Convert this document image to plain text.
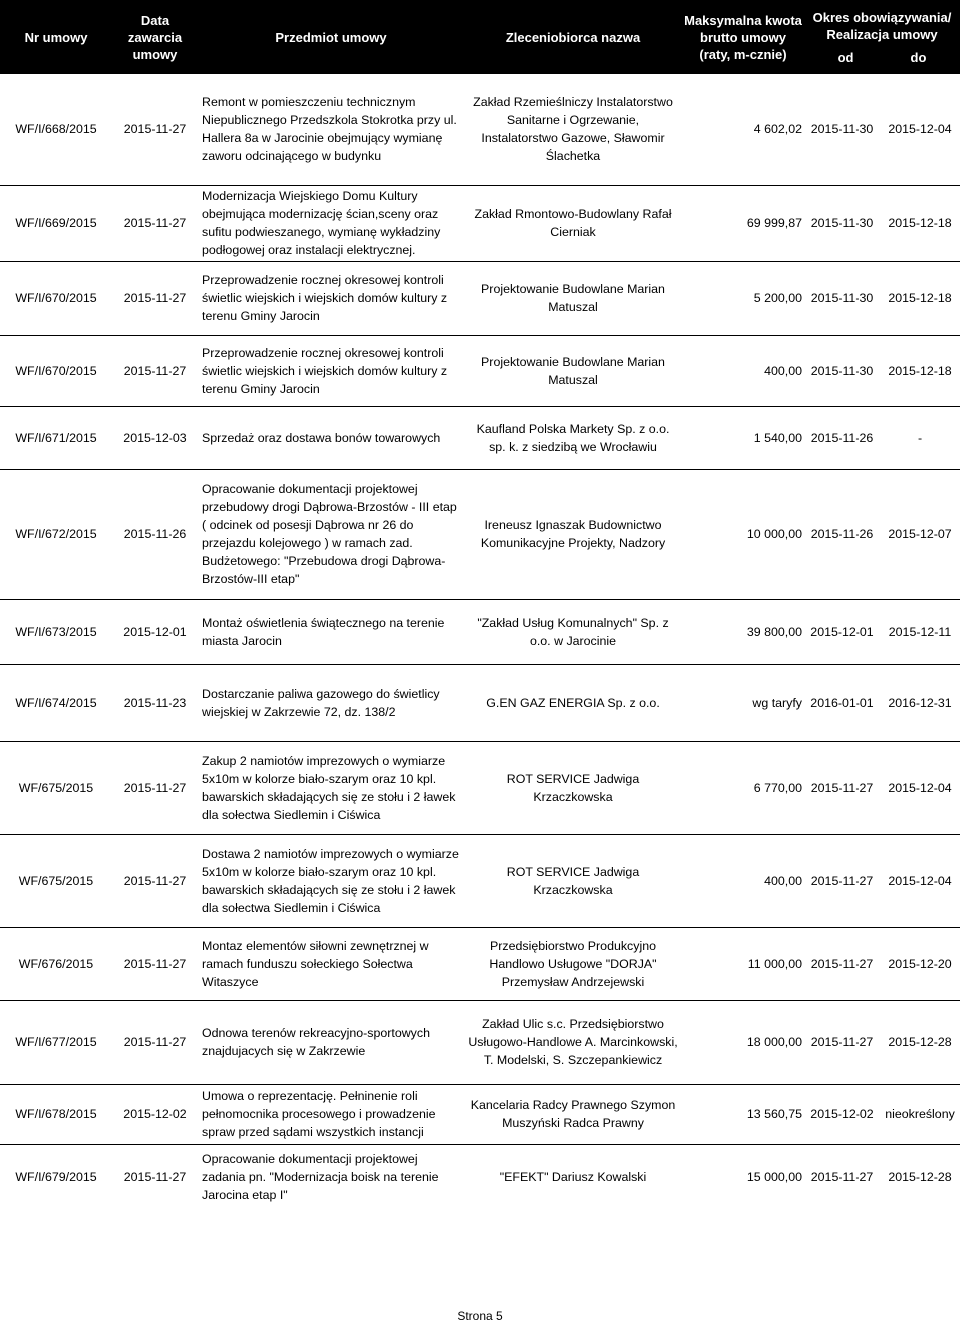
Nr umowy	Data zawarcia umowy	Przedmiot umowy	Zleceniobiorca nazwa	Maksymalna kwota brutto umowy (raty, m-cznie)	Okres obowiązywania/ Realizacja umowy
od do	

WF/I/668/2015	2015-11-27	Remont w pomieszczeniu technicznym Niepublicznego Przedszkola Stokrotka przy ul. Hallera 8a w Jarocinie obejmujący wymianę zaworu odcinającego w budynku	Zakład Rzemieślniczy Instalatorstwo Sanitarne i Ogrzewanie, Instalatorstwo Gazowe, Sławomir Ślachetka	4 602,02	2015-11-30	2015-12-04
WF/I/669/2015	2015-11-27	Modernizacja Wiejskiego Domu Kultury obejmująca modernizację ścian,sceny oraz sufitu podwieszanego, wymianę wykładziny podłogowej oraz instalacji elektrycznej.	Zakład Rmontowo-Budowlany Rafał Cierniak	69 999,87	2015-11-30	2015-12-18
WF/I/670/2015	2015-11-27	Przeprowadzenie rocznej okresowej kontroli świetlic wiejskich i wiejskich domów kultury z terenu Gminy Jarocin	Projektowanie Budowlane Marian Matuszal	5 200,00	2015-11-30	2015-12-18
WF/I/670/2015	2015-11-27	Przeprowadzenie rocznej okresowej kontroli świetlic wiejskich i wiejskich domów kultury z terenu Gminy Jarocin	Projektowanie Budowlane Marian Matuszal	400,00	2015-11-30	2015-12-18
WF/I/671/2015	2015-12-03	Sprzedaż oraz dostawa bonów towarowych	Kaufland Polska Markety Sp. z o.o. sp. k. z siedzibą we Wrocławiu	1 540,00	2015-11-26	-
WF/I/672/2015	2015-11-26	Opracowanie dokumentacji projektowej przebudowy drogi Dąbrowa-Brzostów - III etap ( odcinek od posesji Dąbrowa nr 26 do przejazdu kolejowego ) w ramach zad. Budżetowego: "Przebudowa drogi Dąbrowa-Brzostów-III etap"	Ireneusz Ignaszak Budownictwo Komunikacyjne Projekty, Nadzory	10 000,00	2015-11-26	2015-12-07
WF/I/673/2015	2015-12-01	Montaż oświetlenia świątecznego na terenie miasta Jarocin	"Zakład Usług Komunalnych" Sp. z o.o. w Jarocinie	39 800,00	2015-12-01	2015-12-11
WF/I/674/2015	2015-11-23	Dostarczanie paliwa gazowego do świetlicy wiejskiej w Zakrzewie 72, dz. 138/2	G.EN GAZ ENERGIA Sp. z o.o.	wg taryfy	2016-01-01	2016-12-31
WF/675/2015	2015-11-27	Zakup 2 namiotów imprezowych o wymiarze 5x10m w kolorze biało-szarym oraz 10 kpl. bawarskich składających się ze stołu i 2 ławek dla sołectwa Siedlemin i Ciświca	ROT SERVICE Jadwiga Krzaczkowska	6 770,00	2015-11-27	2015-12-04
WF/675/2015	2015-11-27	Dostawa 2 namiotów imprezowych o wymiarze 5x10m w kolorze biało-szarym oraz 10 kpl. bawarskich składających się ze stołu i 2 ławek dla sołectwa Siedlemin i Ciświca	ROT SERVICE Jadwiga Krzaczkowska	400,00	2015-11-27	2015-12-04
WF/676/2015	2015-11-27	Montaz elementów siłowni zewnętrznej w ramach funduszu sołeckiego Sołectwa Witaszyce	Przedsiębiorstwo Produkcyjno Handlowo Usługowe "DORJA" Przemysław Andrzejewski	11 000,00	2015-11-27	2015-12-20
WF/I/677/2015	2015-11-27	Odnowa terenów rekreacyjno-sportowych znajdujacych się w Zakrzewie	Zakład Ulic s.c. Przedsiębiorstwo Usługowo-Handlowe A. Marcinkowski, T. Modelski, S. Szczepankiewicz	18 000,00	2015-11-27	2015-12-28
WF/I/678/2015	2015-12-02	Umowa o reprezentację. Pełninenie roli pełnomocnika procesowego i prowadzenie spraw przed sądami wszystkich instancji	Kancelaria Radcy Prawnego Szymon Muszyński Radca Prawny	13 560,75	2015-12-02	nieokreślony
WF/I/679/2015	2015-11-27	Opracowanie dokumentacji projektowej zadania pn. "Modernizacja boisk na terenie Jarocina etap I"	"EFEKT" Dariusz Kowalski	15 000,00	2015-11-27	2015-12-28
Strona 5
